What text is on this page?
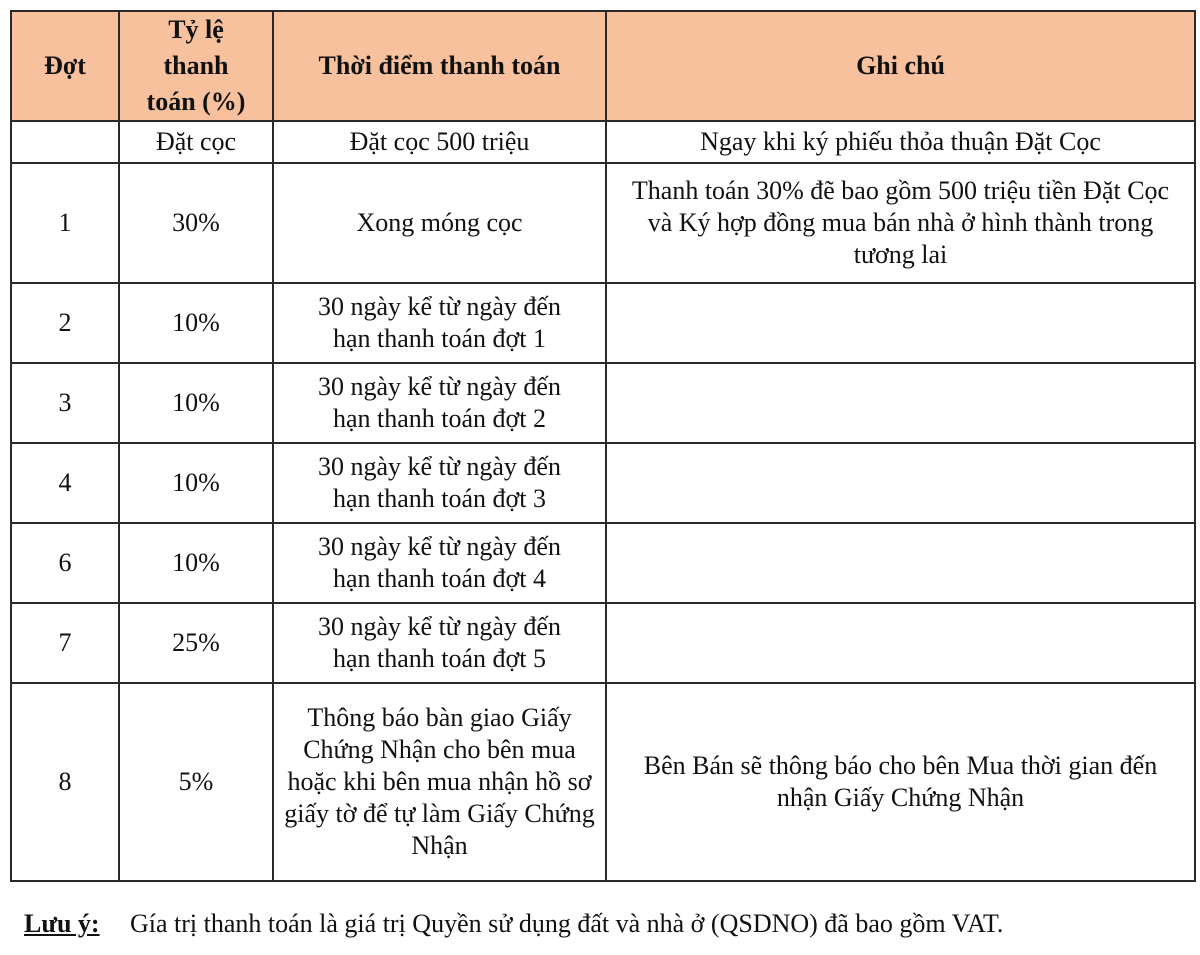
Đợt	Tỷ lệ thanh toán (%)	Thời điểm thanh toán	Ghi chú
	Đặt cọc	Đặt cọc 500 triệu	Ngay khi ký phiếu thỏa thuận Đặt Cọc
1	30%	Xong móng cọc	Thanh toán 30% đẽ bao gồm 500 triệu tiền Đặt Cọc và Ký hợp đồng mua bán nhà ở hình thành trong tương lai
2	10%	30 ngày kể từ ngày đến hạn thanh toán đợt 1	
3	10%	30 ngày kể từ ngày đến hạn thanh toán đợt 2	
4	10%	30 ngày kể từ ngày đến hạn thanh toán đợt 3	
6	10%	30 ngày kể từ ngày đến hạn thanh toán đợt 4	
7	25%	30 ngày kể từ ngày đến hạn thanh toán đợt 5	
8	5%	Thông báo bàn giao Giấy Chứng Nhận cho bên mua hoặc khi bên mua nhận hồ sơ giấy tờ để tự làm Giấy Chứng Nhận	Bên Bán sẽ thông báo cho bên Mua thời gian đến nhận Giấy Chứng Nhận
Lưu ý: Gía trị thanh toán là giá trị Quyền sử dụng đất và nhà ở (QSDNO) đã bao gồm VAT.
